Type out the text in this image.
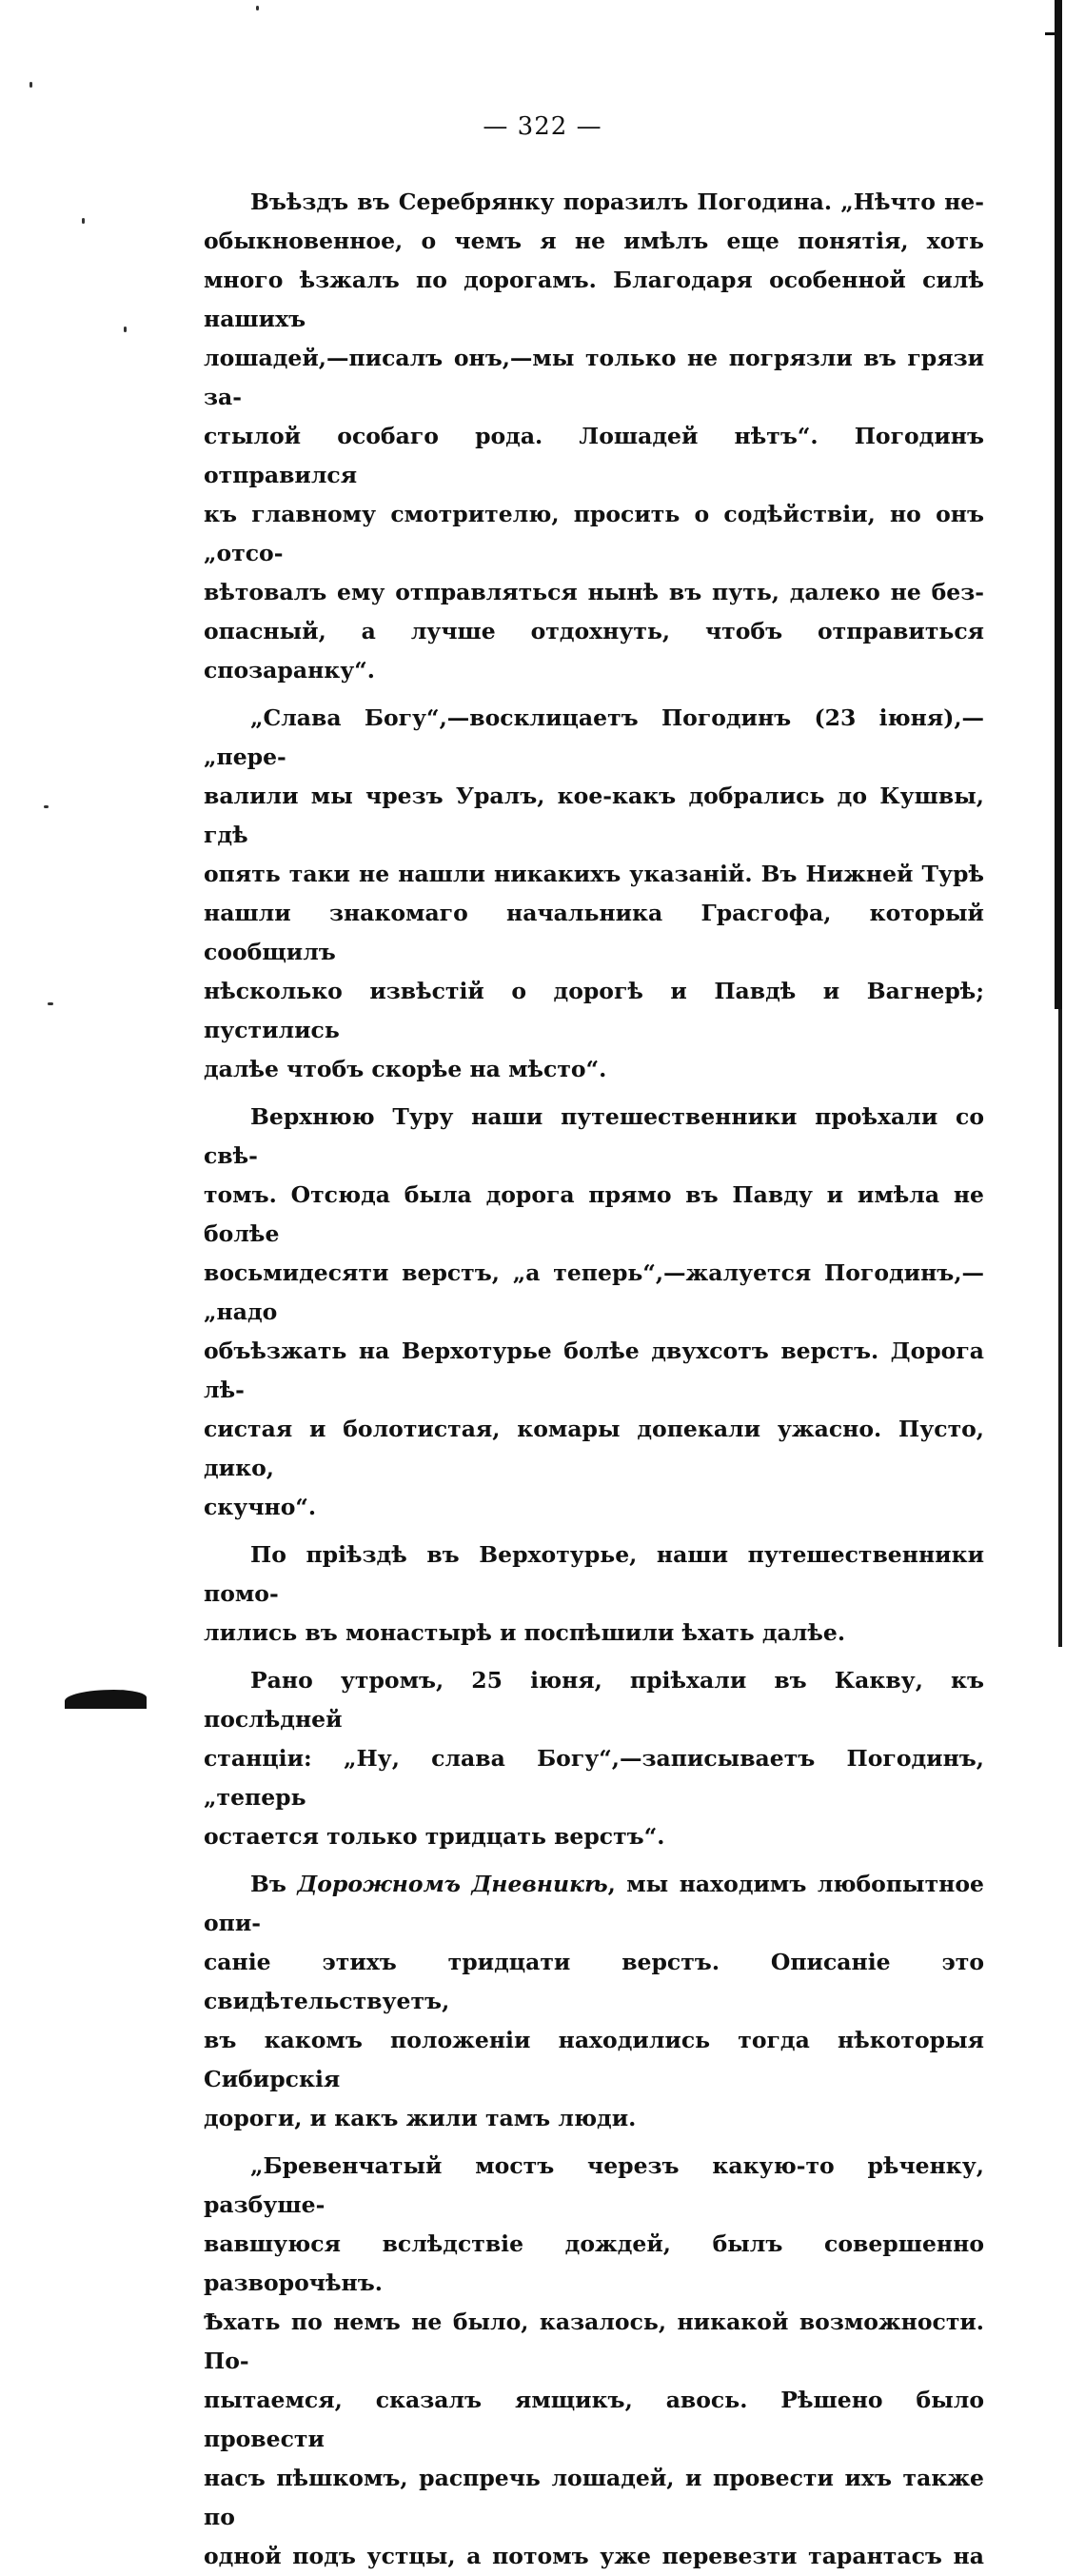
— 322 —

Въѣздъ въ Серебрянку поразилъ Погодина. „Нѣчто не-
обыкновенное, о чемъ я не имѣлъ еще понятія, хоть
много ѣзжалъ по дорогамъ. Благодаря особенной силѣ нашихъ
лошадей,—писалъ онъ,—мы только не погрязли въ грязи за-
стылой особаго рода. Лошадей нѣтъ“. Погодинъ отправился
къ главному смотрителю, просить о содѣйствіи, но онъ „отсо-
вѣтовалъ ему отправляться нынѣ въ путь, далеко не без-
опасный, а лучше отдохнуть, чтобъ отправиться спозаранку“.

„Слава Богу“,—восклицаетъ Погодинъ (23 іюня),—„пере-
валили мы чрезъ Уралъ, кое-какъ добрались до Кушвы, гдѣ
опять таки не нашли никакихъ указаній. Въ Нижней Турѣ
нашли знакомаго начальника Грасгофа, который сообщилъ
нѣсколько извѣстій о дорогѣ и Павдѣ и Вагнерѣ; пустились
далѣе чтобъ скорѣе на мѣсто“.

Верхнюю Туру наши путешественники проѣхали со свѣ-
томъ. Отсюда была дорога прямо въ Павду и имѣла не болѣе
восьмидесяти верстъ, „а теперь“,—жалуется Погодинъ,—„надо
объѣзжать на Верхотурье болѣе двухсотъ верстъ. Дорога лѣ-
систая и болотистая, комары допекали ужасно. Пусто, дико,
скучно“.

По пріѣздѣ въ Верхотурье, наши путешественники помо-
лились въ монастырѣ и поспѣшили ѣхать далѣе.

Рано утромъ, 25 іюня, пріѣхали въ Какву, къ послѣдней
станціи: „Ну, слава Богу“,—записываетъ Погодинъ, „теперь
остается только тридцать верстъ“.

Въ Дорожномъ Дневникѣ, мы находимъ любопытное опи-
саніе этихъ тридцати верстъ. Описаніе это свидѣтельствуетъ,
въ какомъ положеніи находились тогда нѣкоторыя Сибирскія
дороги, и какъ жили тамъ люди.

„Бревенчатый мостъ черезъ какую-то рѣченку, разбуше-
вавшуюся вслѣдствіе дождей, былъ совершенно разворочѣнъ.
Ѣхать по немъ не было, казалось, никакой возможности. По-
пытаемся, сказалъ ямщикъ, авось. Рѣшено было провести
насъ пѣшкомъ, распречь лошадей, и провести ихъ также по
одной подъ устцы, а потомъ уже перевезти тарантасъ на
